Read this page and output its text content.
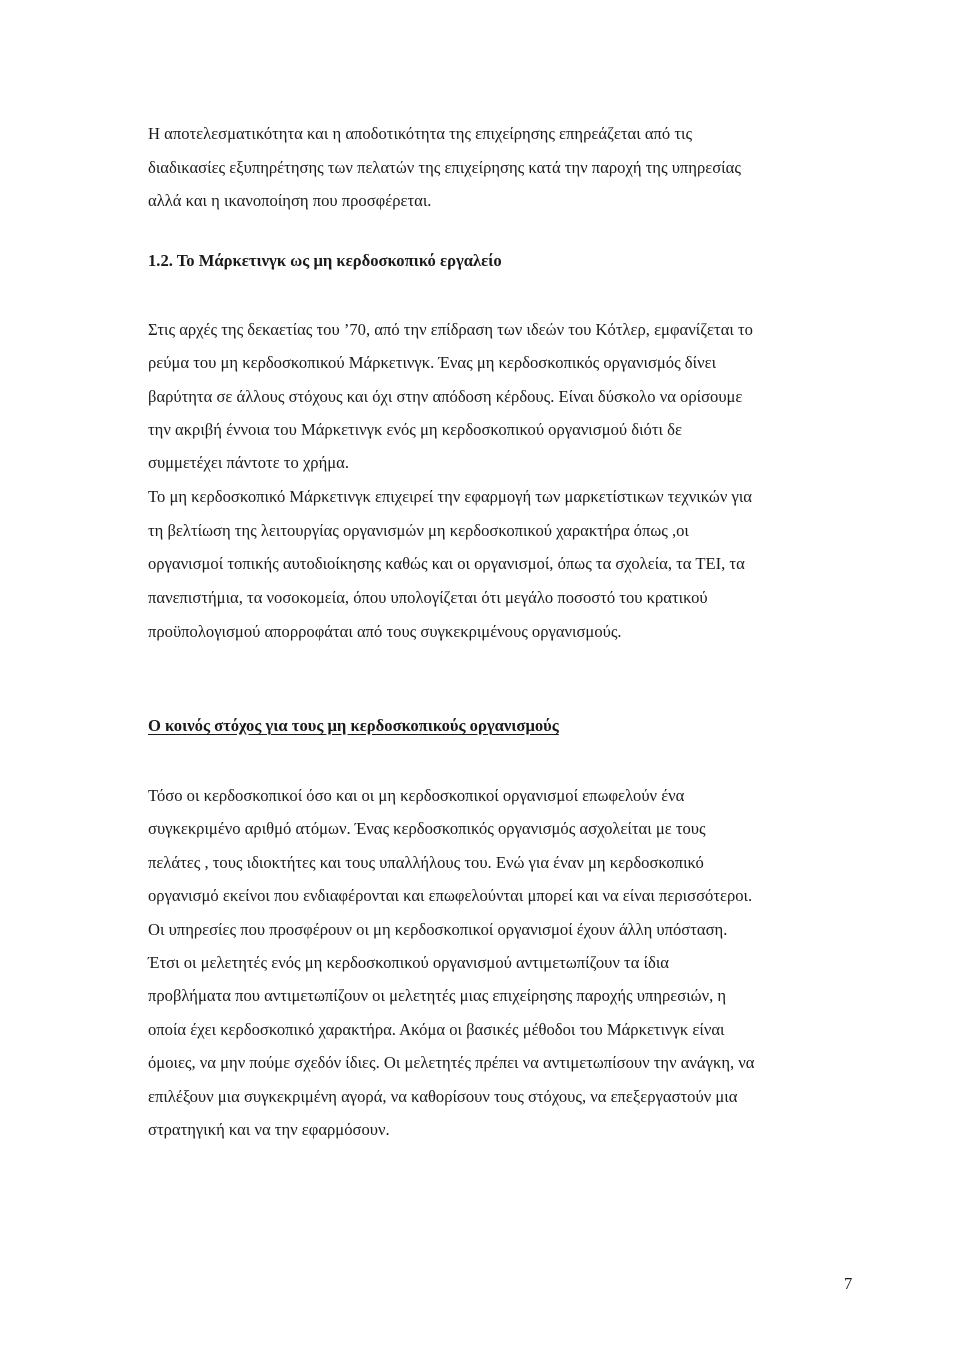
Η αποτελεσματικότητα και η αποδοτικότητα της επιχείρησης επηρεάζεται από τις
διαδικασίες εξυπηρέτησης των πελατών της επιχείρησης κατά την παροχή της υπηρεσίας
αλλά και η ικανοποίηση που προσφέρεται.

1.2. Το Μάρκετινγκ ως μη κερδοσκοπικό εργαλείο

Στις αρχές της δεκαετίας του ’70, από την επίδραση των ιδεών του Κότλερ, εμφανίζεται το
ρεύμα του μη κερδοσκοπικού Μάρκετινγκ. Ένας μη κερδοσκοπικός οργανισμός δίνει
βαρύτητα σε άλλους στόχους και όχι στην απόδοση κέρδους. Είναι δύσκολο να ορίσουμε
την ακριβή έννοια του Μάρκετινγκ ενός μη κερδοσκοπικού οργανισμού διότι δε
συμμετέχει πάντοτε το χρήμα.

Το μη κερδοσκοπικό Μάρκετινγκ επιχειρεί την εφαρμογή των μαρκετίστικων τεχνικών για
τη βελτίωση της λειτουργίας οργανισμών μη κερδοσκοπικού χαρακτήρα όπως ,οι
οργανισμοί τοπικής αυτοδιοίκησης καθώς και οι οργανισμοί, όπως τα σχολεία, τα ΤΕΙ, τα
πανεπιστήμια, τα νοσοκομεία, όπου υπολογίζεται ότι μεγάλο ποσοστό του κρατικού
προϋπολογισμού απορροφάται από τους συγκεκριμένους οργανισμούς.

Ο κοινός στόχος για τους μη κερδοσκοπικούς οργανισμούς

Τόσο οι κερδοσκοπικοί όσο και οι μη κερδοσκοπικοί οργανισμοί επωφελούν ένα
συγκεκριμένο αριθμό ατόμων. Ένας κερδοσκοπικός οργανισμός ασχολείται με τους
πελάτες , τους ιδιοκτήτες και τους υπαλλήλους του. Ενώ για έναν μη κερδοσκοπικό
οργανισμό εκείνοι που ενδιαφέρονται και επωφελούνται μπορεί και να είναι περισσότεροι.
Οι υπηρεσίες που προσφέρουν οι μη κερδοσκοπικοί οργανισμοί έχουν άλλη υπόσταση.
Έτσι οι μελετητές ενός μη κερδοσκοπικού οργανισμού αντιμετωπίζουν τα ίδια
προβλήματα που αντιμετωπίζουν οι μελετητές μιας επιχείρησης παροχής υπηρεσιών, η
οποία έχει κερδοσκοπικό χαρακτήρα. Ακόμα οι βασικές μέθοδοι του Μάρκετινγκ είναι
όμοιες, να μην πούμε σχεδόν ίδιες. Οι μελετητές πρέπει να αντιμετωπίσουν την ανάγκη, να
επιλέξουν μια συγκεκριμένη αγορά, να καθορίσουν τους στόχους, να επεξεργαστούν μια
στρατηγική και να την εφαρμόσουν.

7
